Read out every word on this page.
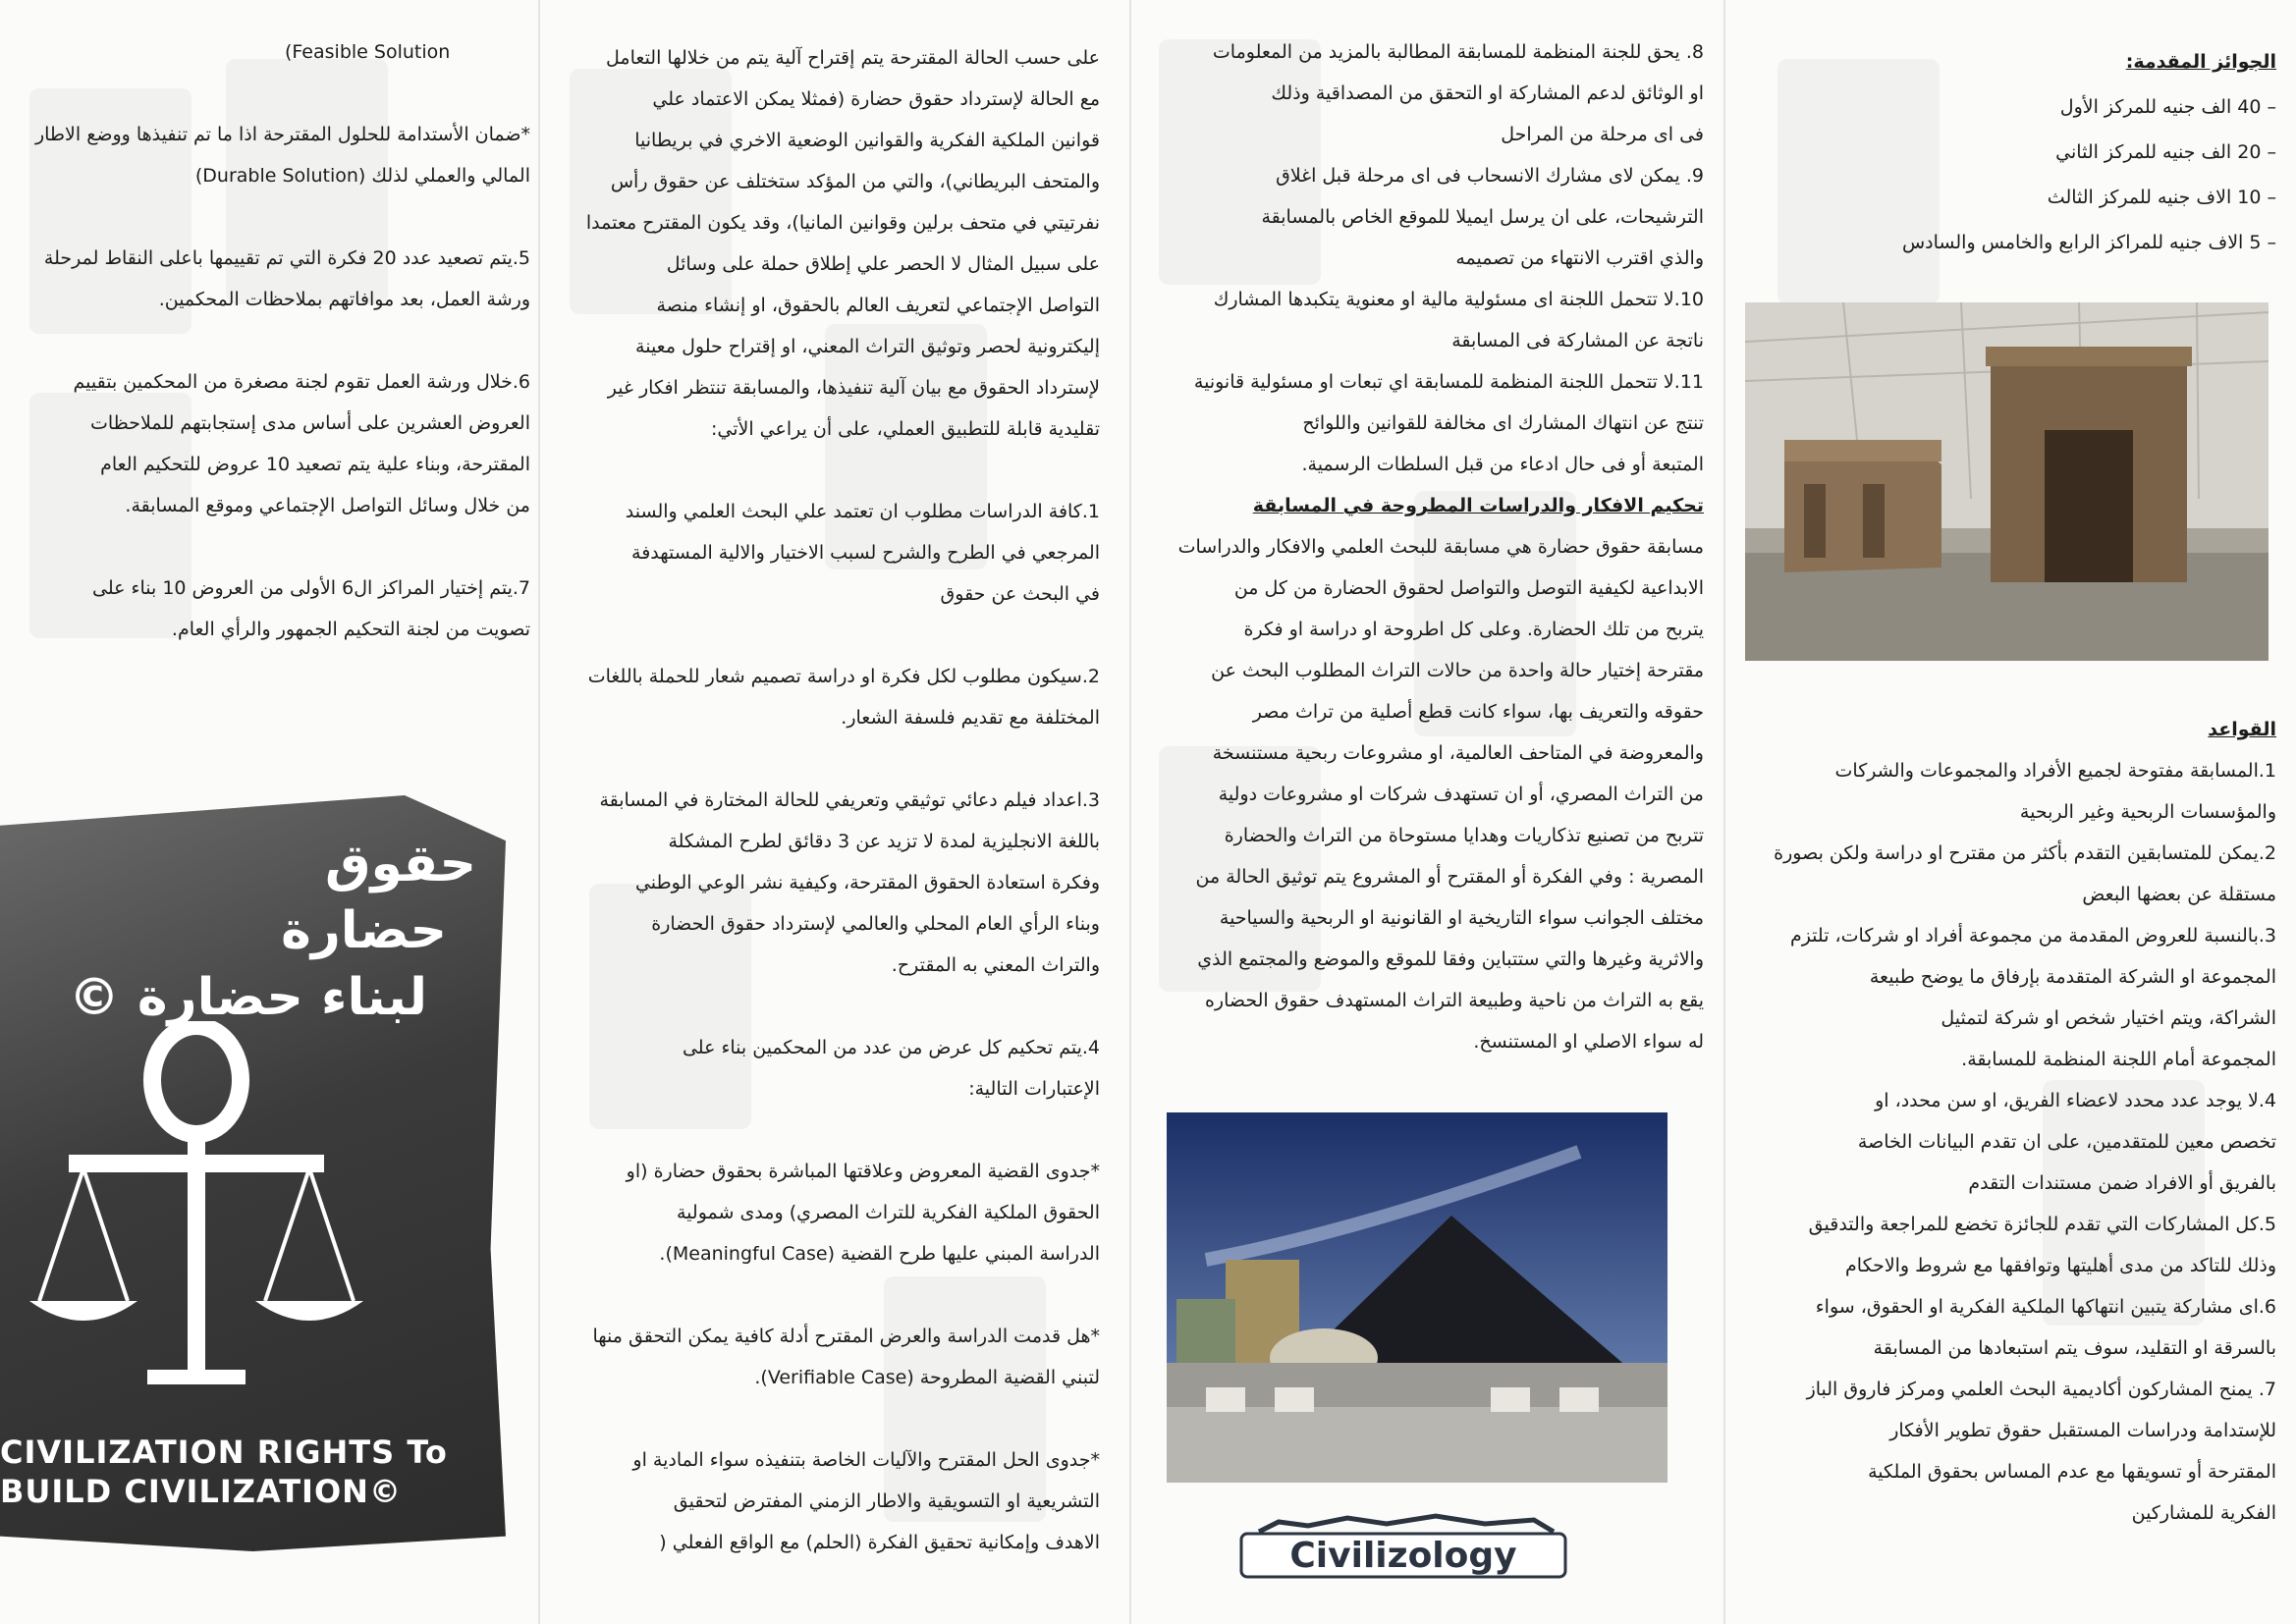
(Feasible Solution

*ضمان الأستدامة للحلول المقترحة اذا ما تم تنفيذها ووضع الاطار

المالي والعملي لذلك (Durable Solution)

5.يتم تصعيد عدد 20 فكرة التي تم تقييمها باعلى النقاط لمرحلة

ورشة العمل، بعد موافاتهم بملاحظات المحكمين.

6.خلال ورشة العمل تقوم لجنة مصغرة من المحكمين بتقييم

العروض العشرين على أساس مدى إستجابتهم للملاحظات

المقترحة، وبناء علية يتم تصعيد 10 عروض للتحكيم العام

من خلال وسائل التواصل الإجتماعي وموقع المسابقة.

7.يتم إختيار المراكز ال6 الأولى من العروض 10 بناء على

تصويت من لجنة التحكيم الجمهور والرأي العام.

حقوق
حضارة
لبناء حضارة ©
CIVILIZATION RIGHTS To
BUILD CIVILIZATION©

على حسب الحالة المقترحة يتم إقتراح آلية يتم من خلالها التعامل

مع الحالة لإسترداد حقوق حضارة (فمثلا يمكن الاعتماد علي

قوانين الملكية الفكرية والقوانين الوضعية الاخري في بريطانيا

والمتحف البريطاني)، والتي من المؤكد ستختلف عن حقوق رأس

نفرتيتي في متحف برلين وقوانين المانيا)، وقد يكون المقترح معتمدا

على سبيل المثال لا الحصر علي إطلاق حملة على وسائل

التواصل الإجتماعي لتعريف العالم بالحقوق، او إنشاء منصة

إليكترونية لحصر وتوثيق التراث المعني، او إقتراح حلول معينة

لإسترداد الحقوق مع بيان آلية تنفيذها، والمسابقة تنتظر افكار غير

تقليدية قابلة للتطبيق العملي، على أن يراعي الأتي:

1.كافة الدراسات مطلوب ان تعتمد علي البحث العلمي والسند

المرجعي في الطرح والشرح لسبب الاختيار والالية المستهدفة

في البحث عن حقوق

2.سيكون مطلوب لكل فكرة او دراسة تصميم شعار للحملة باللغات

المختلفة مع تقديم فلسفة الشعار.

3.اعداد فيلم دعائي توثيقي وتعريفي للحالة المختارة في المسابقة

باللغة الانجليزية لمدة لا تزيد عن 3 دقائق لطرح المشكلة

وفكرة استعادة الحقوق المقترحة، وكيفية نشر الوعي الوطني

وبناء الرأي العام المحلي والعالمي لإسترداد حقوق الحضارة

والتراث المعني به المقترح.

4.يتم تحكيم كل عرض من عدد من المحكمين بناء على

الإعتبارات التالية:

*جدوى القضية المعروض وعلاقتها المباشرة بحقوق حضارة (او

الحقوق الملكية الفكرية للتراث المصري) ومدى شمولية

الدراسة المبني عليها طرح القضية (Meaningful Case).

*هل قدمت الدراسة والعرض المقترح أدلة كافية يمكن التحقق منها

لتبني القضية المطروحة (Verifiable Case).

*جدوى الحل المقترح والآليات الخاصة بتنفيذه سواء المادية او

التشريعية او التسويقية والاطار الزمني المفترض لتحقيق

الاهدف وإمكانية تحقيق الفكرة (الحلم) مع الواقع الفعلي (

8. يحق للجنة المنظمة للمسابقة المطالبة بالمزيد من المعلومات

او الوثائق لدعم المشاركة او التحقق من المصداقية وذلك

فى اى مرحلة من المراحل

9. يمكن لاى مشارك الانسحاب فى اى مرحلة قبل اغلاق

الترشيحات، على ان يرسل ايميلا للموقع الخاص بالمسابقة

والذي اقترب الانتهاء من تصميمه

10.لا تتحمل اللجنة اى مسئولية مالية او معنوية يتكبدها المشارك

ناتجة عن المشاركة فى المسابقة

11.لا تتحمل اللجنة المنظمة للمسابقة اي تبعات او مسئولية قانونية

تنتج عن انتهاك المشارك اى مخالفة للقوانين واللوائح

المتبعة أو فى حال ادعاء من قبل السلطات الرسمية.

تحكيم الافكار والدراسات المطروحة في المسابقة

مسابقة حقوق حضارة هي مسابقة للبحث العلمي والافكار والدراسات

الابداعية لكيفية التوصل والتواصل لحقوق الحضارة من كل من

يتربح من تلك الحضارة. وعلى كل اطروحة او دراسة او فكرة

مقترحة إختيار حالة واحدة من حالات التراث المطلوب البحث عن

حقوقه والتعريف بها، سواء كانت قطع أصلية من تراث مصر

والمعروضة في المتاحف العالمية، او مشروعات ربحية مستنسخة

من التراث المصري، أو ان تستهدف شركات او مشروعات دولية

تتربح من تصنيع تذكاريات وهدايا مستوحاة من التراث والحضارة

المصرية : وفي الفكرة أو المقترح أو المشروع يتم توثيق الحالة من

مختلف الجوانب سواء التاريخية او القانونية او الربحية والسياحية

والاثرية وغيرها والتي ستتباين وفقا للموقع والموضع والمجتمع الذي

يقع به التراث من ناحية وطبيعة التراث المستهدف حقوق الحضاره

له سواء الاصلي او المستنسخ.

Civilizology

الجوائز المقدمة:

– 40 الف جنيه للمركز الأول

– 20 الف جنيه للمركز الثاني

– 10 الاف جنيه للمركز الثالث

– 5 الاف جنيه للمراكز الرابع والخامس والسادس

القواعد

1.المسابقة مفتوحة لجميع الأفراد والمجموعات والشركات

والمؤسسات الربحية وغير الربحية

2.يمكن للمتسابقين التقدم بأكثر من مقترح او دراسة ولكن بصورة

مستقلة عن بعضها البعض

3.بالنسبة للعروض المقدمة من مجموعة أفراد او شركات، تلتزم

المجموعة او الشركة المتقدمة بإرفاق ما يوضح طبيعة

الشراكة، ويتم اختيار شخص او شركة لتمثيل

المجموعة أمام اللجنة المنظمة للمسابقة.

4.لا يوجد عدد محدد لاعضاء الفريق، او سن محدد، او

تخصص معين للمتقدمين، على ان تقدم البيانات الخاصة

بالفريق أو الافراد ضمن مستندات التقدم

5.كل المشاركات التي تقدم للجائزة تخضع للمراجعة والتدقيق

وذلك للتاكد من مدى أهليتها وتوافقها مع شروط والاحكام

6.اى مشاركة يتبين انتهاكها الملكية الفكرية او الحقوق، سواء

بالسرقة او التقليد، سوف يتم استبعادها من المسابقة

7. يمنح المشاركون أكاديمية البحث العلمي ومركز فاروق الباز

للإستدامة ودراسات المستقبل حقوق تطوير الأفكار

المقترحة أو تسويقها مع عدم المساس بحقوق الملكية

الفكرية للمشاركين
